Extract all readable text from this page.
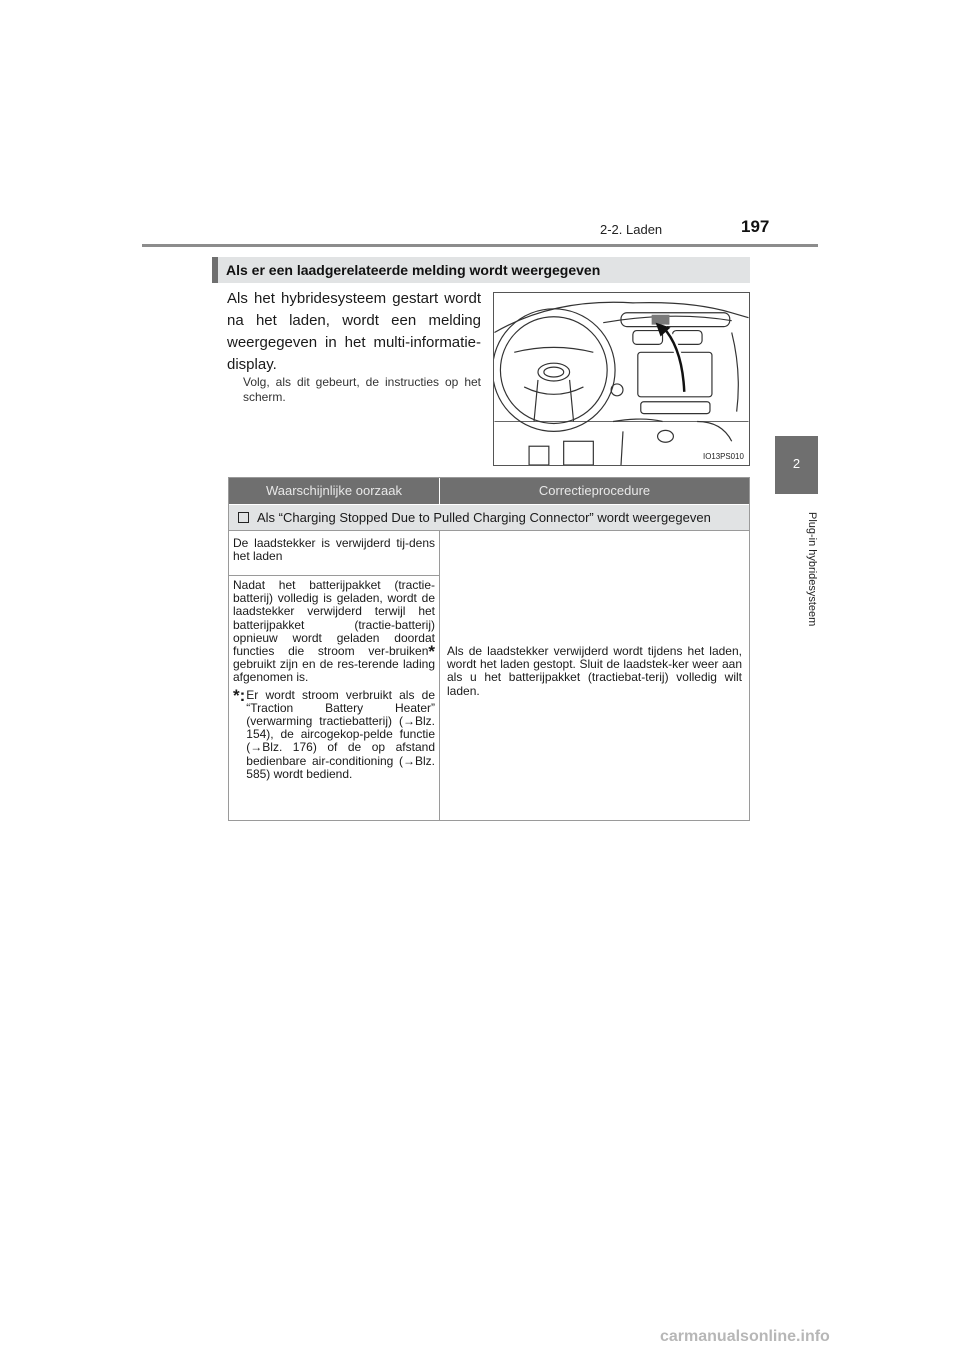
2-2. Laden	197
2
Plug-in hybridesysteem
Als er een laadgerelateerde melding wordt weergegeven
Als het hybridesysteem gestart wordt na het laden, wordt een melding weergegeven in het multi-informatie-display.
Volg, als dit gebeurt, de instructies op het scherm.
IO13PS010
Waarschijnlijke oorzaak	Correctieprocedure
Als “Charging Stopped Due to Pulled Charging Connector” wordt weergegeven
De laadstekker is verwijderd tij-dens het laden
Nadat het batterijpakket (tractie-batterij) volledig is geladen, wordt de laadstekker verwijderd terwijl het batterijpakket (tractie-batterij) opnieuw wordt geladen doordat functies die stroom ver-bruiken* gebruikt zijn en de res-terende lading afgenomen is.
*: Er wordt stroom verbruikt als de “Traction Battery Heater” (verwarming tractiebatterij) (→Blz. 154), de aircogekop-pelde functie (→Blz. 176) of de op afstand bedienbare air-conditioning (→Blz. 585) wordt bediend.
Als de laadstekker verwijderd wordt tijdens het laden, wordt het laden gestopt. Sluit de laadstek-ker weer aan als u het batterijpakket (tractiebat-terij) volledig wilt laden.
carmanualsonline.info
